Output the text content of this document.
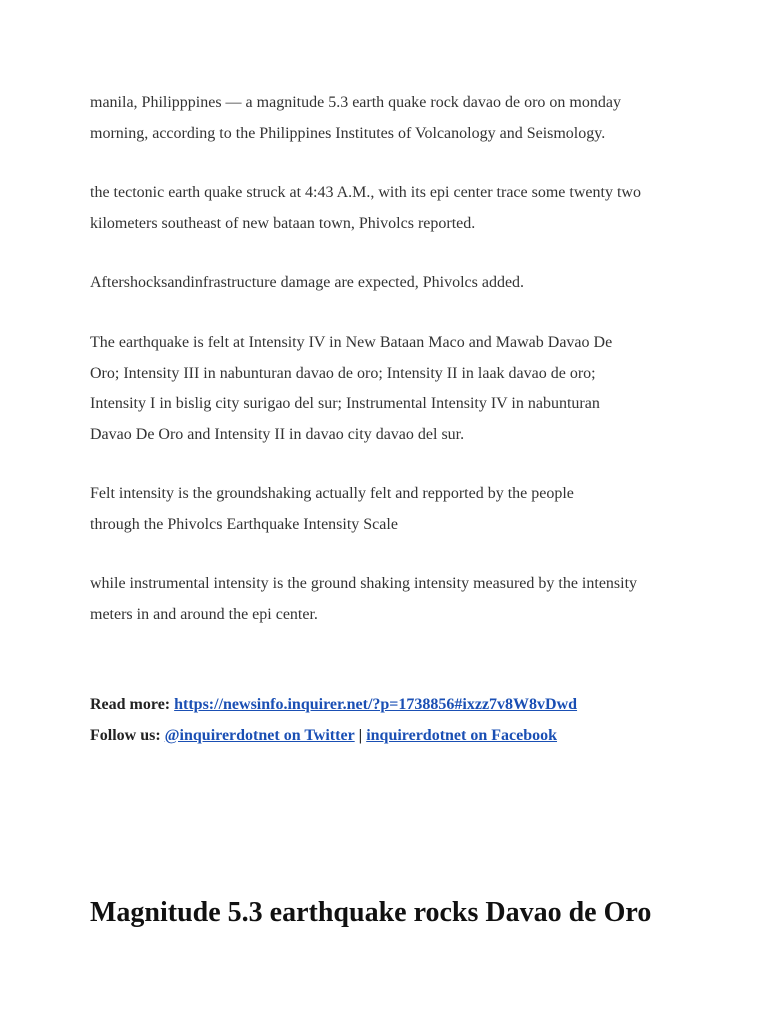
manila, Philipppines — a magnitude 5.3 earth quake rock davao de oro on monday
morning, according to the Philippines Institutes of Volcanology and Seismology.

the tectonic earth quake struck at 4:43 A.M., with its epi center trace some twenty two
kilometers southeast of new bataan town, Phivolcs reported.

Aftershocksandinfrastructure damage are expected, Phivolcs added.

The earthquake is felt at Intensity IV in New Bataan Maco and Mawab Davao De
Oro; Intensity III in nabunturan davao de oro; Intensity II in laak davao de oro;
Intensity I in bislig city surigao del sur; Instrumental Intensity IV in nabunturan
Davao De Oro and Intensity II in davao city davao del sur.

Felt intensity is the groundshaking actually felt and repported by the people
through the Phivolcs Earthquake Intensity Scale

while instrumental intensity is the ground shaking intensity measured by the intensity
meters in and around the epi center.

Read more: https://newsinfo.inquirer.net/?p=1738856#ixzz7v8W8vDwd
Follow us: @inquirerdotnet on Twitter | inquirerdotnet on Facebook
Magnitude 5.3 earthquake rocks Davao de Oro
